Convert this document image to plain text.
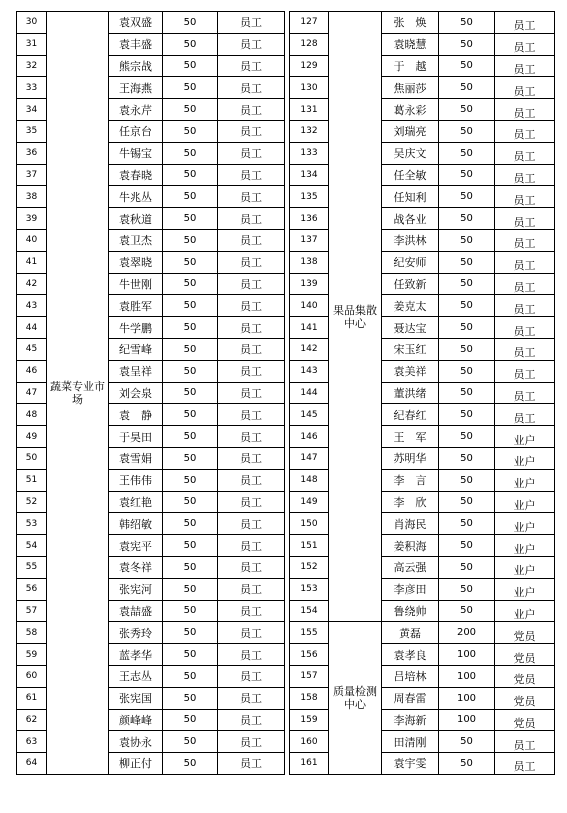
30	蔬菜专业市场	袁双盛	50	员工
31		袁丰盛	50	员工
32		熊宗战	50	员工
33		王海燕	50	员工
34		袁永芹	50	员工
35		任京台	50	员工
36		牛锡宝	50	员工
37		袁春晓	50	员工
38		牛兆丛	50	员工
39		袁秋道	50	员工
40		袁卫杰	50	员工
41		袁翠晓	50	员工
42		牛世刚	50	员工
43		袁胜军	50	员工
44		牛学鹏	50	员工
45		纪雪峰	50	员工
46		袁呈祥	50	员工
47		刘会泉	50	员工
48		袁　静	50	员工
49		于昊田	50	员工
50		袁雪娟	50	员工
51		王伟伟	50	员工
52		袁红艳	50	员工
53		韩绍敏	50	员工
54		袁宪平	50	员工
55		袁冬祥	50	员工
56		张宪河	50	员工
57		袁喆盛	50	员工
58		张秀玲	50	员工
59		蓝孝华	50	员工
60		王志丛	50	员工
61		张宪国	50	员工
62		颜峰峰	50	员工
63		袁协永	50	员工
64		柳正付	50	员工
127	果品集散中心	张　焕	50	员工
128		袁晓慧	50	员工
129		于　越	50	员工
130		焦丽莎	50	员工
131		葛永彩	50	员工
132		刘瑞亮	50	员工
133		吴庆文	50	员工
134		任全敏	50	员工
135		任知利	50	员工
136		战各业	50	员工
137		李洪林	50	员工
138		纪安师	50	员工
139		任致新	50	员工
140		姜克太	50	员工
141		聂达宝	50	员工
142		宋玉红	50	员工
143		袁美祥	50	员工
144		董洪绪	50	员工
145		纪春红	50	员工
146		王　军	50	业户
147		苏明华	50	业户
148		李　言	50	业户
149		李　欣	50	业户
150		肖海民	50	业户
151		姜积海	50	业户
152		高云强	50	业户
153		李彦田	50	业户
154		鲁绕帅	50	业户
155	质量检测中心	黄磊	200	党员
156		袁孝良	100	党员
157		吕培林	100	党员
158		周春雷	100	党员
159		李海新	100	党员
160		田清刚	50	员工
161		袁宇雯	50	员工
